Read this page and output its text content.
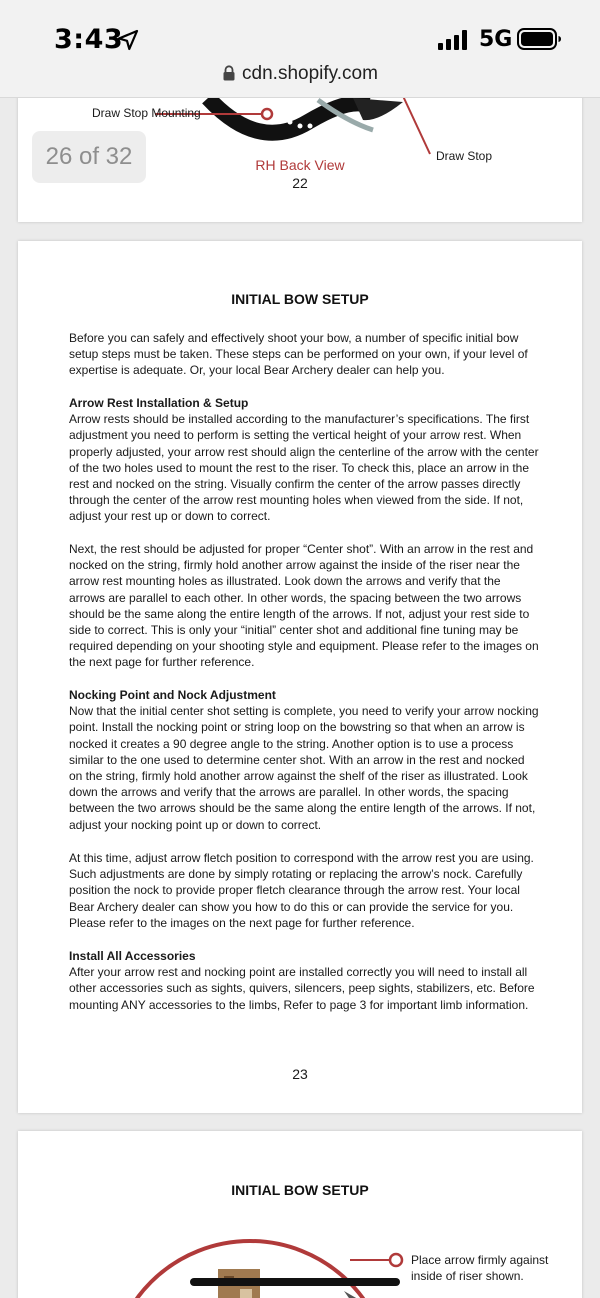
3:43	5G
cdn.shopify.com
Draw Stop Mounting
Draw Stop
RH Back View
22
26 of 32
INITIAL BOW SETUP

Before you can safely and effectively shoot your bow, a number of specific initial bow setup steps must be taken. These steps can be performed on your own, if your level of expertise is adequate. Or, your local Bear Archery dealer can help you.

Arrow Rest Installation & Setup

Arrow rests should be installed according to the manufacturer’s specifications. The first adjustment you need to perform is setting the vertical height of your arrow rest. When properly adjusted, your arrow rest should align the centerline of the arrow with the center of the two holes used to mount the rest to the riser. To check this, place an arrow in the rest and nocked on the string. Visually confirm the center of the arrow passes directly through the center of the arrow rest mounting holes when viewed from the side. If not, adjust your rest up or down to correct.

Next, the rest should be adjusted for proper “Center shot”. With an arrow in the rest and nocked on the string, firmly hold another arrow against the inside of the riser near the arrow rest mounting holes as illustrated. Look down the arrows and verify that the arrows are parallel to each other. In other words, the spacing between the two arrows should be the same along the entire length of the arrows. If not, adjust your rest side to side to correct. This is only your “initial” center shot and additional fine tuning may be required depending on your shooting style and equipment. Please refer to the images on the next page for further reference.

Nocking Point and Nock Adjustment

Now that the initial center shot setting is complete, you need to verify your arrow nocking point. Install the nocking point or string loop on the bowstring so that when an arrow is nocked it creates a 90 degree angle to the string. Another option is to use a process similar to the one used to determine center shot. With an arrow in the rest and nocked on the string, firmly hold another arrow against the shelf of the riser as illustrated. Look down the arrows and verify that the arrows are parallel. In other words, the spacing between the two arrows should be the same along the entire length of the arrows. If not, adjust your nocking point up or down to correct.

At this time, adjust arrow fletch position to correspond with the arrow rest you are using. Such adjustments are done by simply rotating or replacing the arrow’s nock. Carefully position the nock to provide proper fletch clearance through the arrow rest. Your local Bear Archery dealer can show you how to do this or can provide the service for you. Please refer to the images on the next page for further reference.

Install All Accessories

After your arrow rest and nocking point are installed correctly you will need to install all other accessories such as sights, quivers, silencers, peep sights, stabilizers, etc. Before mounting ANY accessories to the limbs, Refer to page 3 for important limb information.

23
INITIAL BOW SETUP
Place arrow firmly against inside of riser shown.
